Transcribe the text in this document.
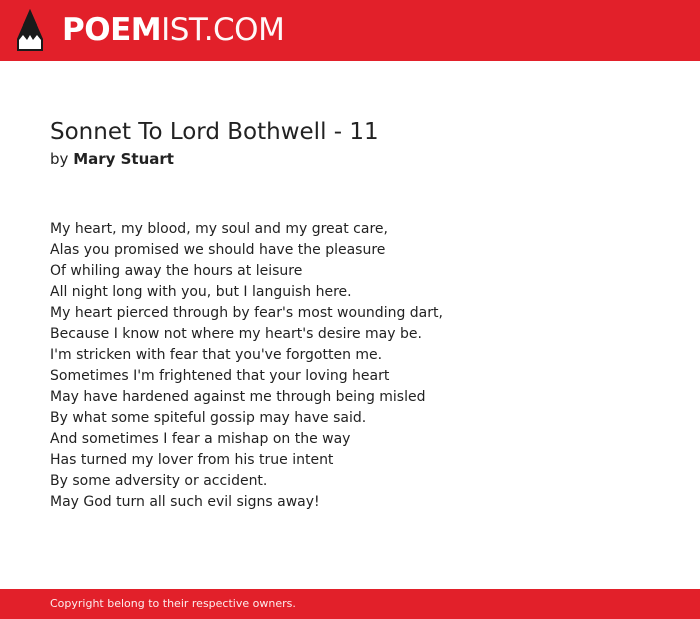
POEMIST.COM
Sonnet To Lord Bothwell - 11
by Mary Stuart
My heart, my blood, my soul and my great care,
Alas you promised we should have the pleasure
Of whiling away the hours at leisure
All night long with you, but I languish here.
My heart pierced through by fear's most wounding dart,
Because I know not where my heart's desire may be.
I'm stricken with fear that you've forgotten me.
Sometimes I'm frightened that your loving heart
May have hardened against me through being misled
By what some spiteful gossip may have said.
And sometimes I fear a mishap on the way
Has turned my lover from his true intent
By some adversity or accident.
May God turn all such evil signs away!
Copyright belong to their respective owners.
